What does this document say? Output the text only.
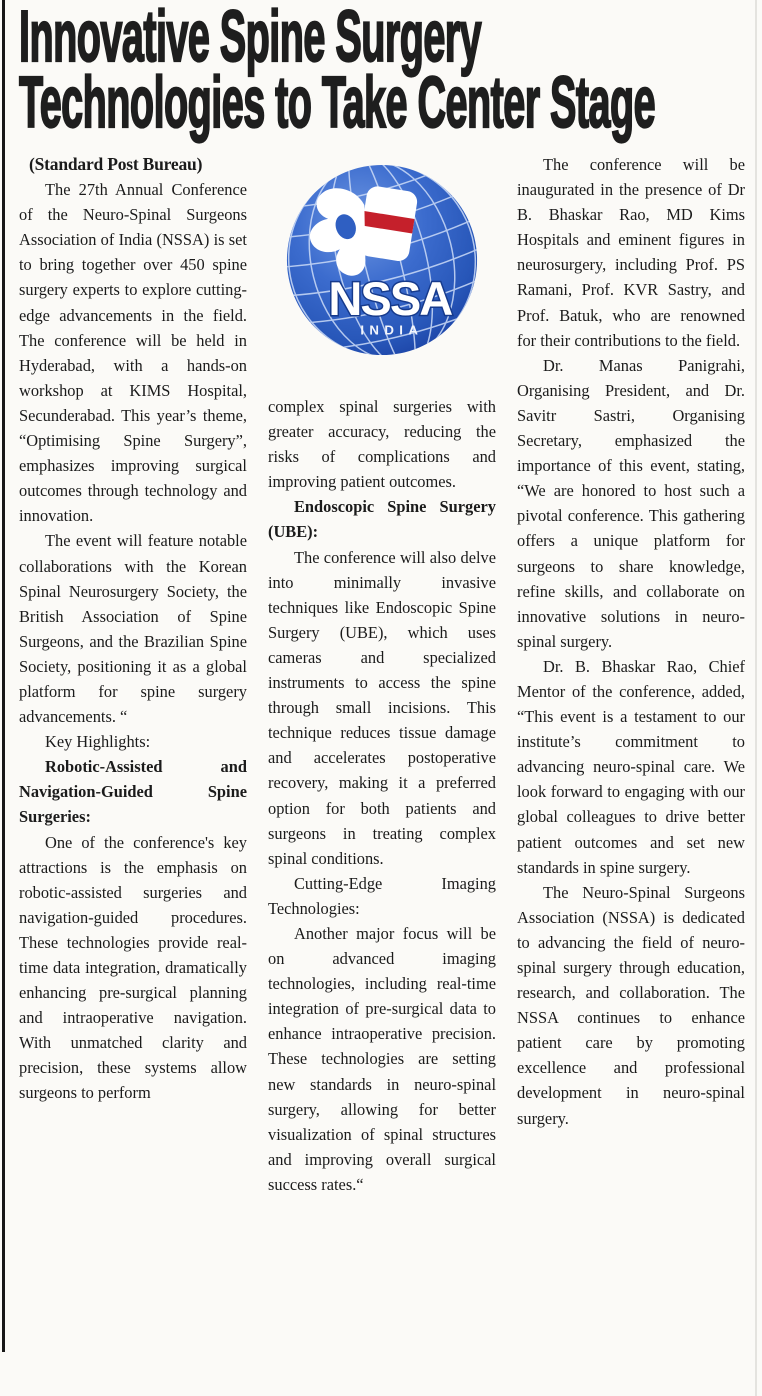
Innovative Spine Surgery
Technologies to Take Center Stage

(Standard Post Bureau)

The 27th Annual Conference of the Neuro-Spinal Surgeons Association of India (NSSA) is set to bring together over 450 spine surgery experts to explore cutting-edge advancements in the field. The conference will be held in Hyderabad, with a hands-on workshop at KIMS Hospital, Secunderabad. This year’s theme, “Optimising Spine Surgery”, emphasizes improving surgical outcomes through technology and innovation.

The event will feature notable collaborations with the Korean Spinal Neurosurgery Society, the British Association of Spine Surgeons, and the Brazilian Spine Society, positioning it as a global platform for spine surgery advancements. “

Key Highlights:

Robotic-Assisted and Navigation-Guided Spine Surgeries:

One of the conference's key attractions is the emphasis on robotic-assisted surgeries and navigation-guided procedures. These technologies provide real-time data integration, dramatically enhancing pre-surgical planning and intraoperative navigation. With unmatched clarity and precision, these systems allow surgeons to perform

NSSA
INDIA

complex spinal surgeries with greater accuracy, reducing the risks of complications and improving patient outcomes.

Endoscopic Spine Surgery (UBE):

The conference will also delve into minimally invasive techniques like Endoscopic Spine Surgery (UBE), which uses cameras and specialized instruments to access the spine through small incisions. This technique reduces tissue damage and accelerates postoperative recovery, making it a preferred option for both patients and surgeons in treating complex spinal conditions.

Cutting-Edge Imaging Technologies:

Another major focus will be on advanced imaging technologies, including real-time integration of pre-surgical data to enhance intraoperative precision. These technologies are setting new standards in neuro-spinal surgery, allowing for better visualization of spinal structures and improving overall surgical success rates.“

The conference will be inaugurated in the presence of Dr B. Bhaskar Rao, MD Kims Hospitals and eminent figures in neurosurgery, including Prof. PS Ramani, Prof. KVR Sastry, and Prof. Batuk, who are renowned for their contributions to the field.

Dr. Manas Panigrahi, Organising President, and Dr. Savitr Sastri, Organising Secretary, emphasized the importance of this event, stating, “We are honored to host such a pivotal conference. This gathering offers a unique platform for surgeons to share knowledge, refine skills, and collaborate on innovative solutions in neuro-spinal surgery.

Dr. B. Bhaskar Rao, Chief Mentor of the conference, added, “This event is a testament to our institute’s commitment to advancing neuro-spinal care. We look forward to engaging with our global colleagues to drive better patient outcomes and set new standards in spine surgery.

The Neuro-Spinal Surgeons Association (NSSA) is dedicated to advancing the field of neuro-spinal surgery through education, research, and collaboration. The NSSA continues to enhance patient care by promoting excellence and professional development in neuro-spinal surgery.
